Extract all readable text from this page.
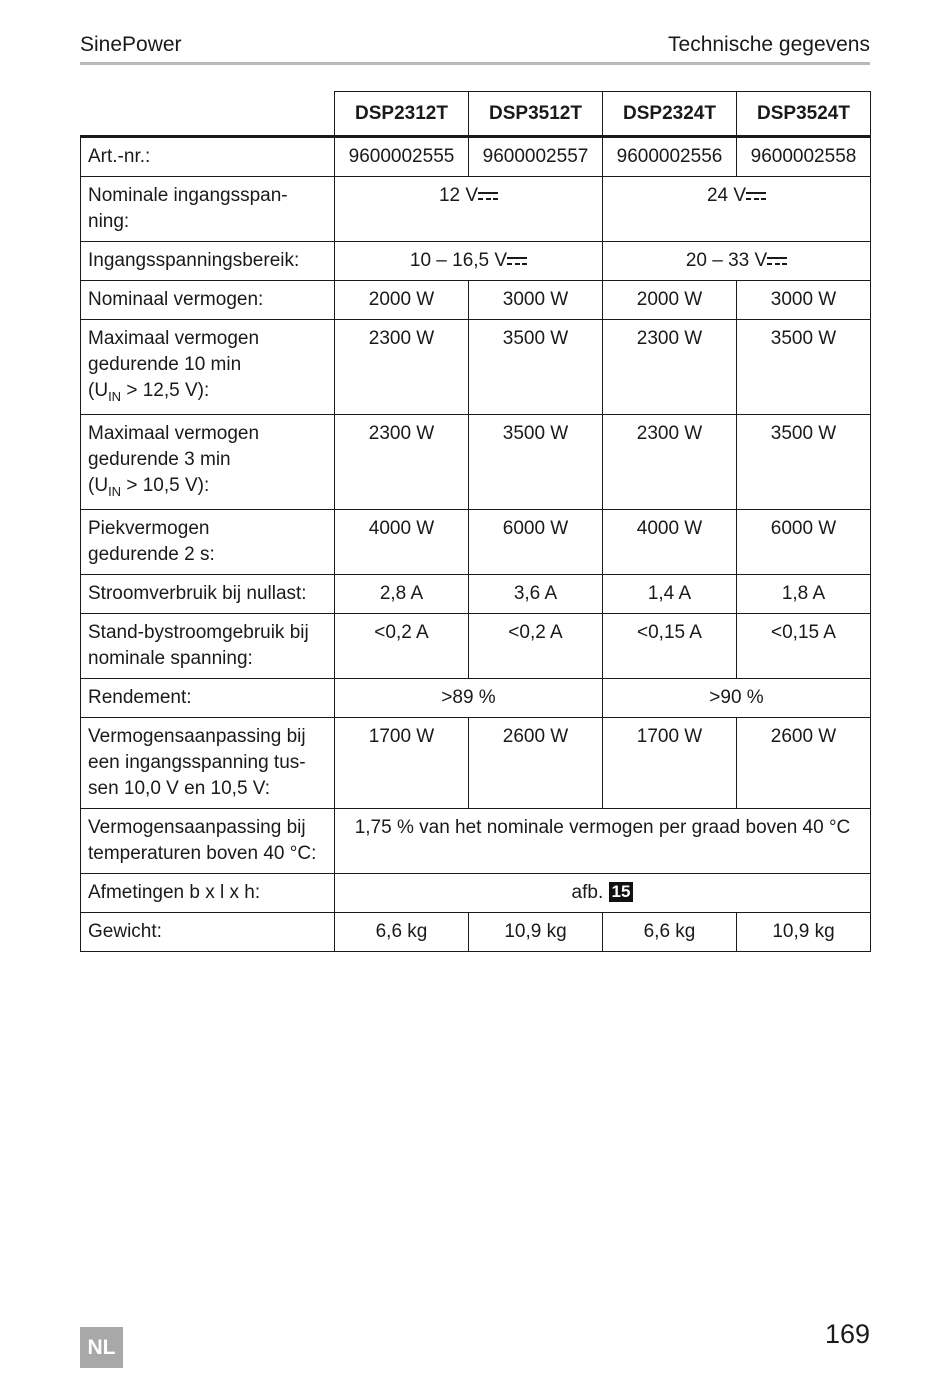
SinePower	Technische gegevens
	DSP2312T	DSP3512T	DSP2324T	DSP3524T
Art.-nr.:	9600002555	9600002557	9600002556	9600002558
Nominale ingangsspan-ning:	12 V		24 V	
Ingangsspanningsbereik:	10 – 16,5 V		20 – 33 V	
Nominaal vermogen:	2000 W	3000 W	2000 W	3000 W
Maximaal vermogen
gedurende 10 min
($U_{IN} > 12,5$ V):	2300 W	3500 W	2300 W	3500 W
Maximaal vermogen
gedurende 3 min
($U_{IN} > 10,5$ V):	2300 W	3500 W	2300 W	3500 W
Piekvermogen
gedurende 2 s:	4000 W	6000 W	4000 W	6000 W
Stroomverbruik bij nullast:	2,8 A	3,6 A	1,4 A	1,8 A
Stand-bystroomgebruik bij
nominale spanning:	<0,2 A	<0,2 A	<0,15 A	<0,15 A
Rendement:	>89 %		>90 %	
Vermogensaanpassing bij
een ingangsspanning tus-
sen 10,0 V en 10,5 V:	1700 W	2600 W	1700 W	2600 W
Vermogensaanpassing bij
temperaturen boven 40 °C:	1,75 % van het nominale vermogen per graad boven 40 °C			
Afmetingen b x l x h:	afb. 15			
Gewicht:	6,6 kg	10,9 kg	6,6 kg	10,9 kg
NL	169
